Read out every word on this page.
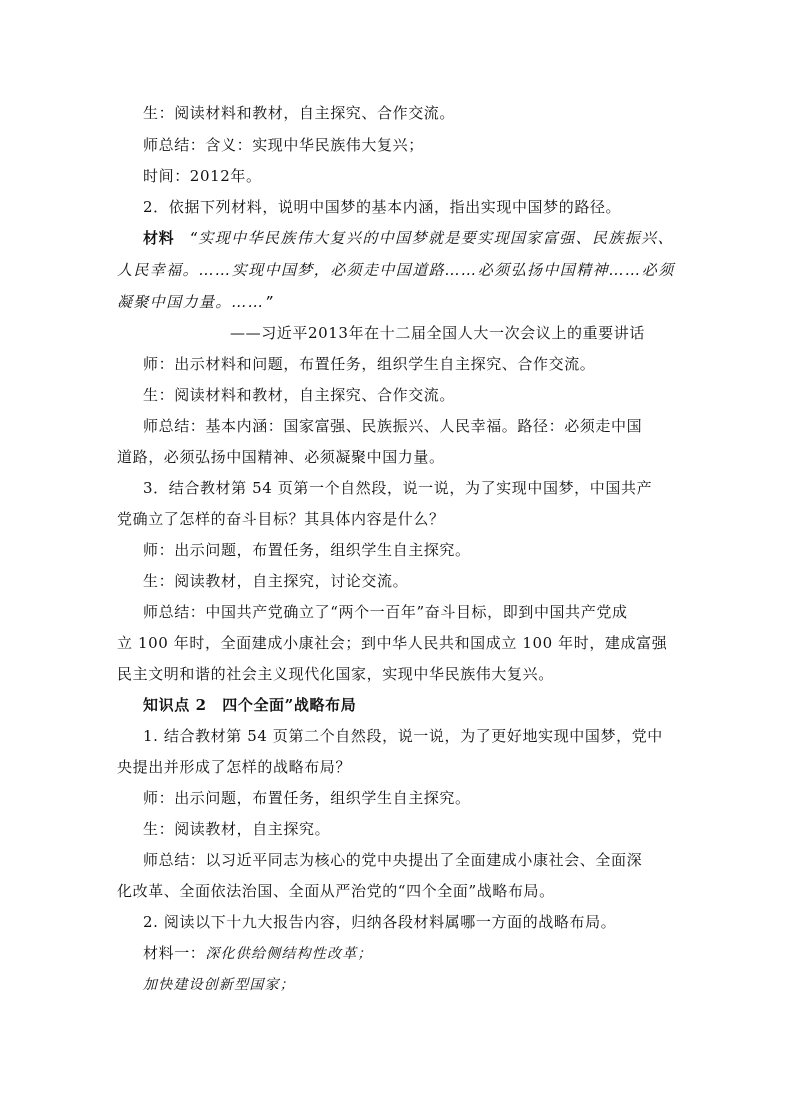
生：阅读材料和教材，自主探究、合作交流。
师总结：含义：实现中华民族伟大复兴；
时间：2012年。
2．依据下列材料，说明中国梦的基本内涵，指出实现中国梦的路径。
材料 “实现中华民族伟大复兴的中国梦就是要实现国家富强、民族振兴、
人民幸福。……实现中国梦，必须走中国道路……必须弘扬中国精神……必须
凝聚中国力量。……”
——习近平2013年在十二届全国人大一次会议上的重要讲话
师：出示材料和问题，布置任务，组织学生自主探究、合作交流。
生：阅读材料和教材，自主探究、合作交流。
师总结：基本内涵：国家富强、民族振兴、人民幸福。路径：必须走中国
道路，必须弘扬中国精神、必须凝聚中国力量。
3．结合教材第 54 页第一个自然段，说一说，为了实现中国梦，中国共产
党确立了怎样的奋斗目标？其具体内容是什么？
师：出示问题，布置任务，组织学生自主探究。
生：阅读教材，自主探究，讨论交流。
师总结：中国共产党确立了“两个一百年”奋斗目标，即到中国共产党成
立 100 年时，全面建成小康社会；到中华人民共和国成立 100 年时，建成富强
民主文明和谐的社会主义现代化国家，实现中华民族伟大复兴。
知识点 2　四个全面”战略布局
1. 结合教材第 54 页第二个自然段，说一说，为了更好地实现中国梦，党中
央提出并形成了怎样的战略布局？
师：出示问题，布置任务，组织学生自主探究。
生：阅读教材，自主探究。
师总结：以习近平同志为核心的党中央提出了全面建成小康社会、全面深
化改革、全面依法治国、全面从严治党的“四个全面”战略布局。
2. 阅读以下十九大报告内容，归纳各段材料属哪一方面的战略布局。
材料一：深化供给侧结构性改革；
加快建设创新型国家；
